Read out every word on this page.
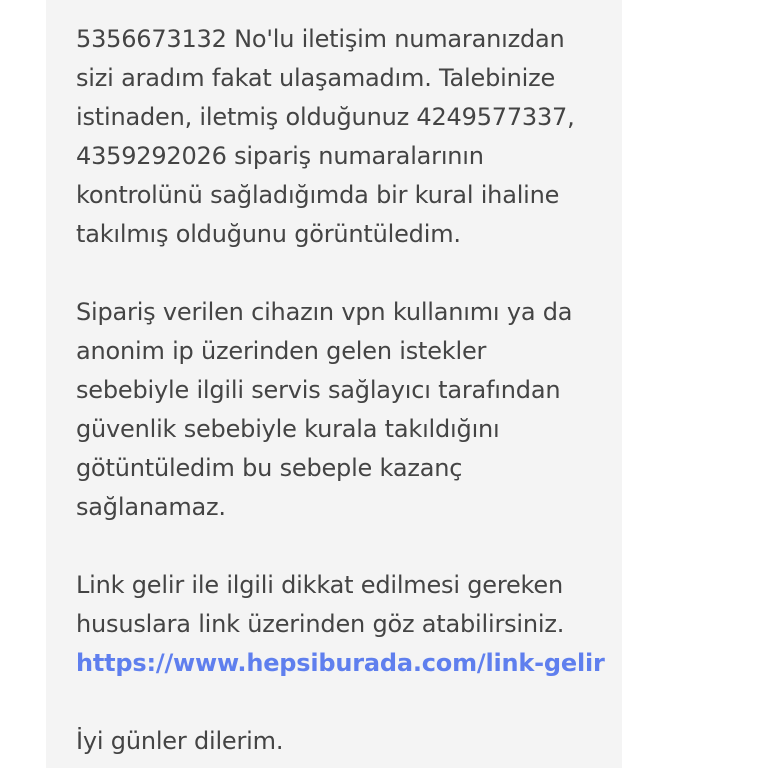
5356673132 No'lu iletişim numaranızdan
sizi aradım fakat ulaşamadım. Talebinize
istinaden, iletmiş olduğunuz 4249577337,
4359292026 sipariş numaralarının
kontrolünü sağladığımda bir kural ihaline
takılmış olduğunu görüntüledim.
Sipariş verilen cihazın vpn kullanımı ya da
anonim ip üzerinden gelen istekler
sebebiyle ilgili servis sağlayıcı tarafından
güvenlik sebebiyle kurala takıldığını
götüntüledim bu sebeple kazanç
sağlanamaz.
Link gelir ile ilgili dikkat edilmesi gereken
hususlara link üzerinden göz atabilirsiniz.
https://www.hepsiburada.com/link-gelir
İyi günler dilerim.
